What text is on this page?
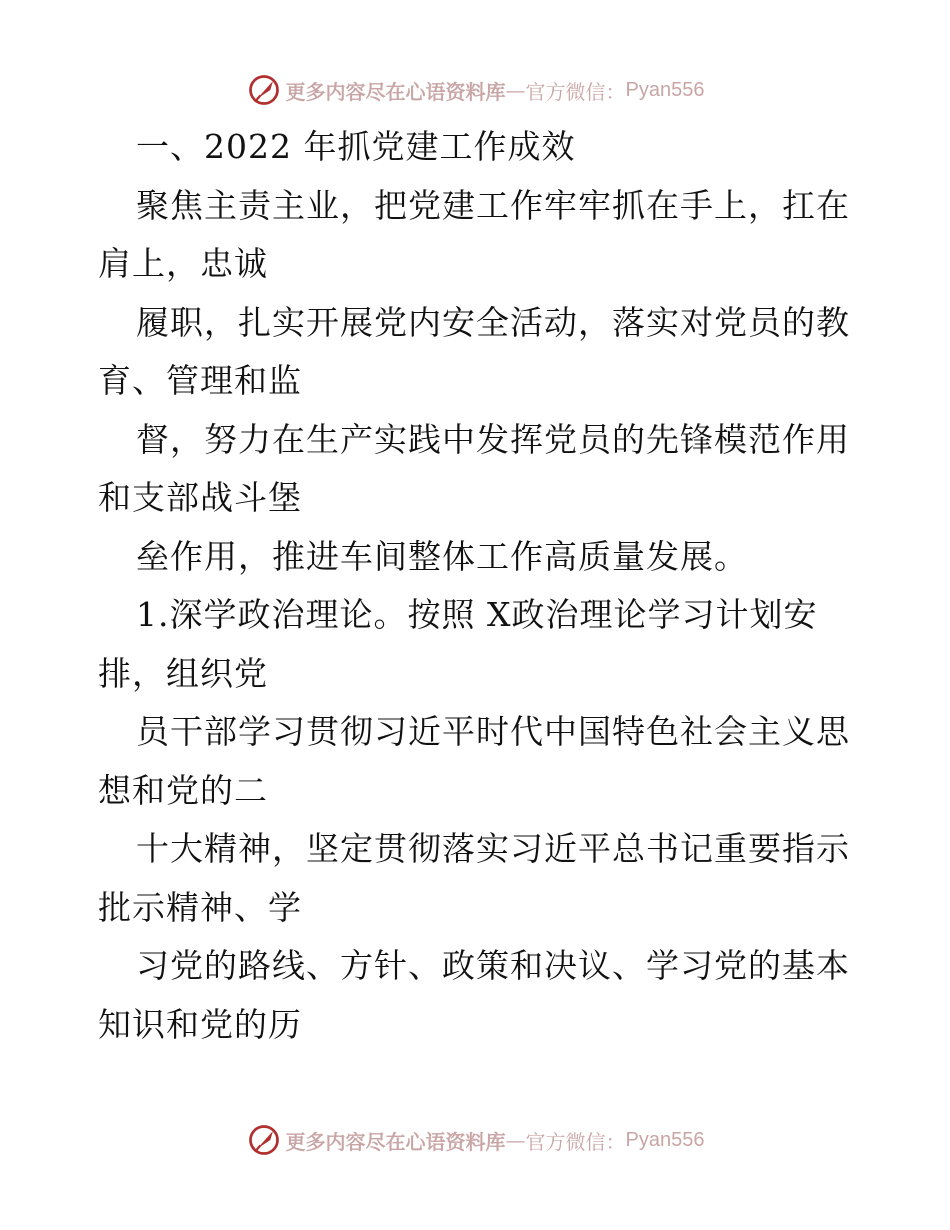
更多内容尽在心语资料库 — 官方微信： Pyan556
一、2022 年抓党建工作成效
聚焦主责主业，把党建工作牢牢抓在手上，扛在
肩上，忠诚
履职，扎实开展党内安全活动，落实对党员的教
育、管理和监
督，努力在生产实践中发挥党员的先锋模范作用
和支部战斗堡
垒作用，推进车间整体工作高质量发展。
1.深学政治理论。按照 X政治理论学习计划安
排，组织党
员干部学习贯彻习近平时代中国特色社会主义思
想和党的二
十大精神，坚定贯彻落实习近平总书记重要指示
批示精神、学
习党的路线、方针、政策和决议、学习党的基本
知识和党的历
更多内容尽在心语资料库 — 官方微信： Pyan556
